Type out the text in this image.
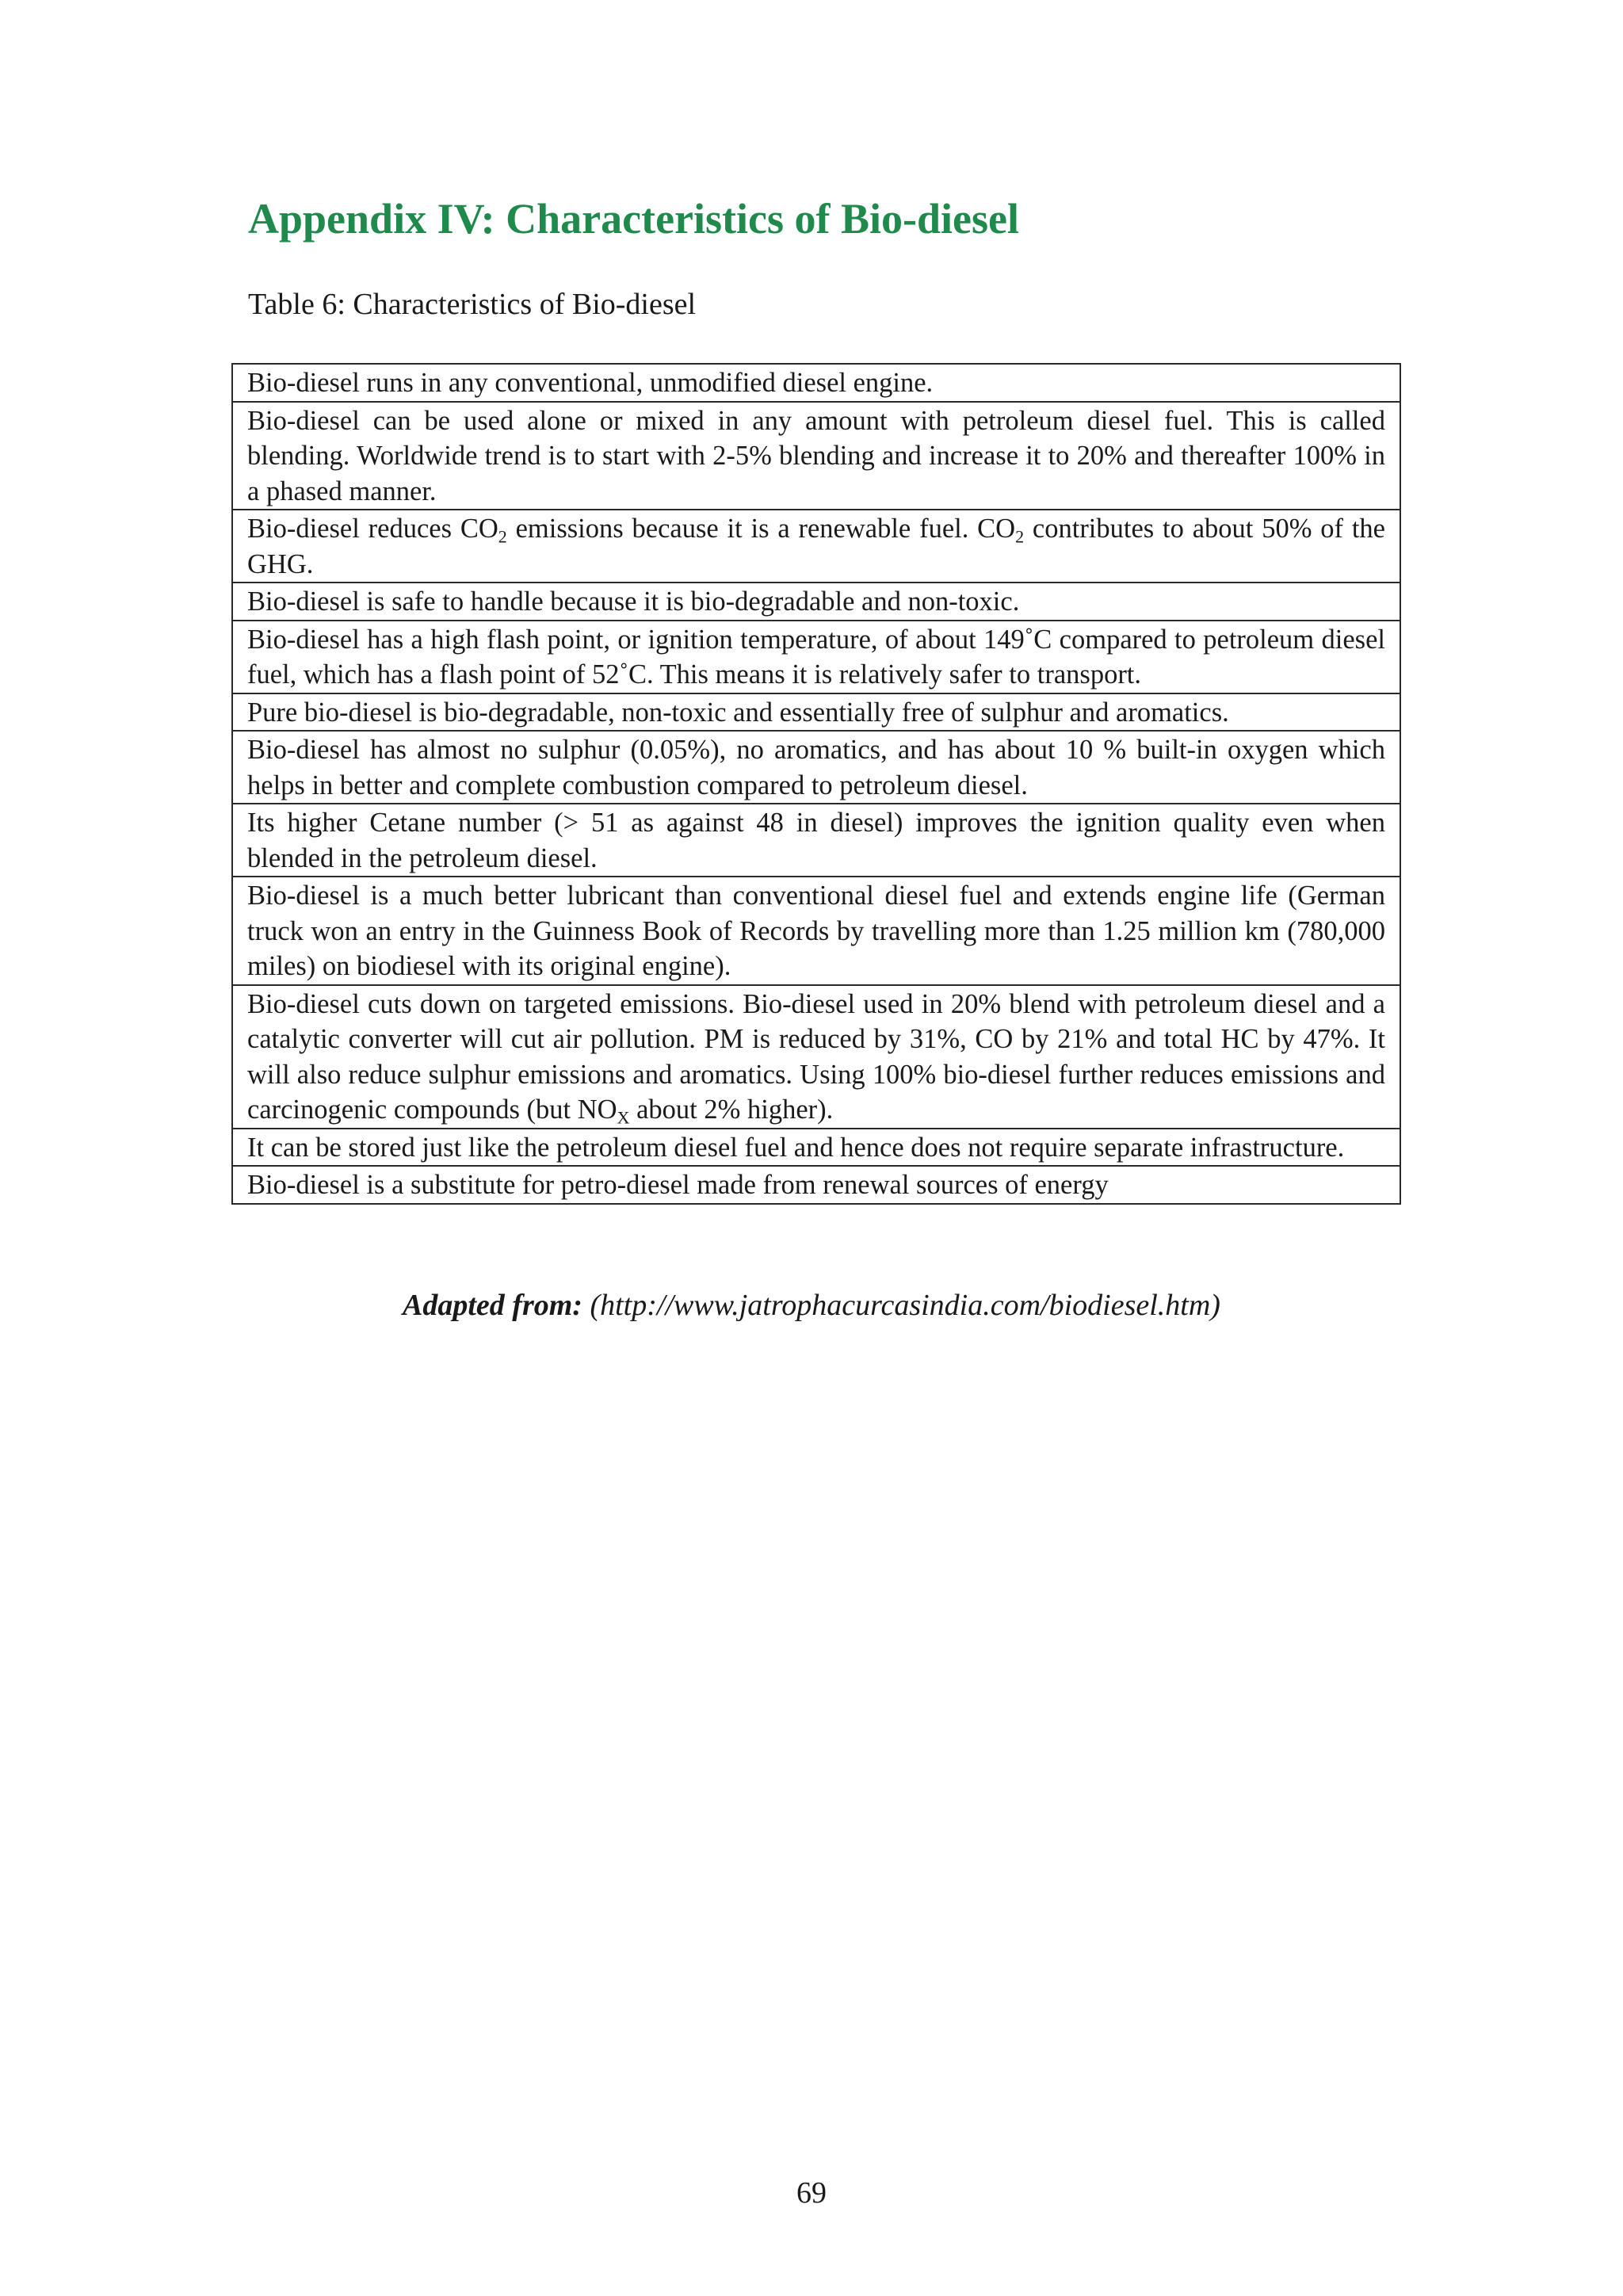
Appendix IV: Characteristics of Bio-diesel
Table 6: Characteristics of Bio-diesel
Bio-diesel runs in any conventional, unmodified diesel engine.
Bio-diesel can be used alone or mixed in any amount with petroleum diesel fuel. This is called blending. Worldwide trend is to start with 2-5% blending and increase it to 20% and thereafter 100% in a phased manner.
Bio-diesel reduces $CO_2$ emissions because it is a renewable fuel. $CO_2$ contributes to about 50% of the GHG.
Bio-diesel is safe to handle because it is bio-degradable and non-toxic.
Bio-diesel has a high flash point, or ignition temperature, of about 149˚C compared to petroleum diesel fuel, which has a flash point of 52˚C. This means it is relatively safer to transport.
Pure bio-diesel is bio-degradable, non-toxic and essentially free of sulphur and aromatics.
Bio-diesel has almost no sulphur (0.05%), no aromatics, and has about 10 % built-in oxygen which helps in better and complete combustion compared to petroleum diesel.
Its higher Cetane number (> 51 as against 48 in diesel) improves the ignition quality even when blended in the petroleum diesel.
Bio-diesel is a much better lubricant than conventional diesel fuel and extends engine life (German truck won an entry in the Guinness Book of Records by travelling more than 1.25 million km (780,000 miles) on biodiesel with its original engine).
Bio-diesel cuts down on targeted emissions. Bio-diesel used in 20% blend with petroleum diesel and a catalytic converter will cut air pollution. PM is reduced by 31%, CO by 21% and total HC by 47%. It will also reduce sulphur emissions and aromatics. Using 100% bio-diesel further reduces emissions and carcinogenic compounds (but $NO_X$ about 2% higher).
It can be stored just like the petroleum diesel fuel and hence does not require separate infrastructure.
Bio-diesel is a substitute for petro-diesel made from renewal sources of energy
Adapted from: (http://www.jatrophacurcasindia.com/biodiesel.htm)
69
